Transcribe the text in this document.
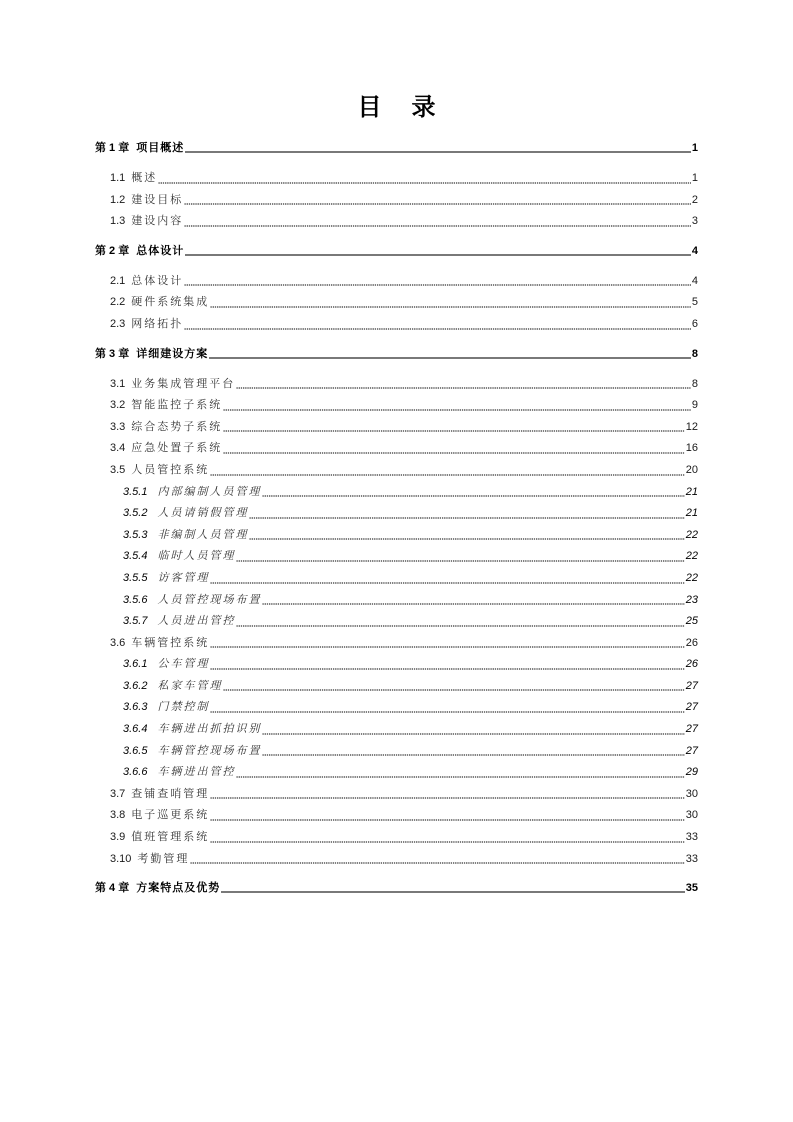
目录
第 1 章 项目概述	1
1.1 概述	1
1.2 建设目标	2
1.3 建设内容	3
第 2 章 总体设计	4
2.1 总体设计	4
2.2 硬件系统集成	5
2.3 网络拓扑	6
第 3 章 详细建设方案	8
3.1 业务集成管理平台	8
3.2 智能监控子系统	9
3.3 综合态势子系统	12
3.4 应急处置子系统	16
3.5 人员管控系统	20
3.5.1 内部编制人员管理	21
3.5.2 人员请销假管理	21
3.5.3 非编制人员管理	22
3.5.4 临时人员管理	22
3.5.5 访客管理	22
3.5.6 人员管控现场布置	23
3.5.7 人员进出管控	25
3.6 车辆管控系统	26
3.6.1 公车管理	26
3.6.2 私家车管理	27
3.6.3 门禁控制	27
3.6.4 车辆进出抓拍识别	27
3.6.5 车辆管控现场布置	27
3.6.6 车辆进出管控	29
3.7 查铺查哨管理	30
3.8 电子巡更系统	30
3.9 值班管理系统	33
3.10 考勤管理	33
第 4 章 方案特点及优势	35
